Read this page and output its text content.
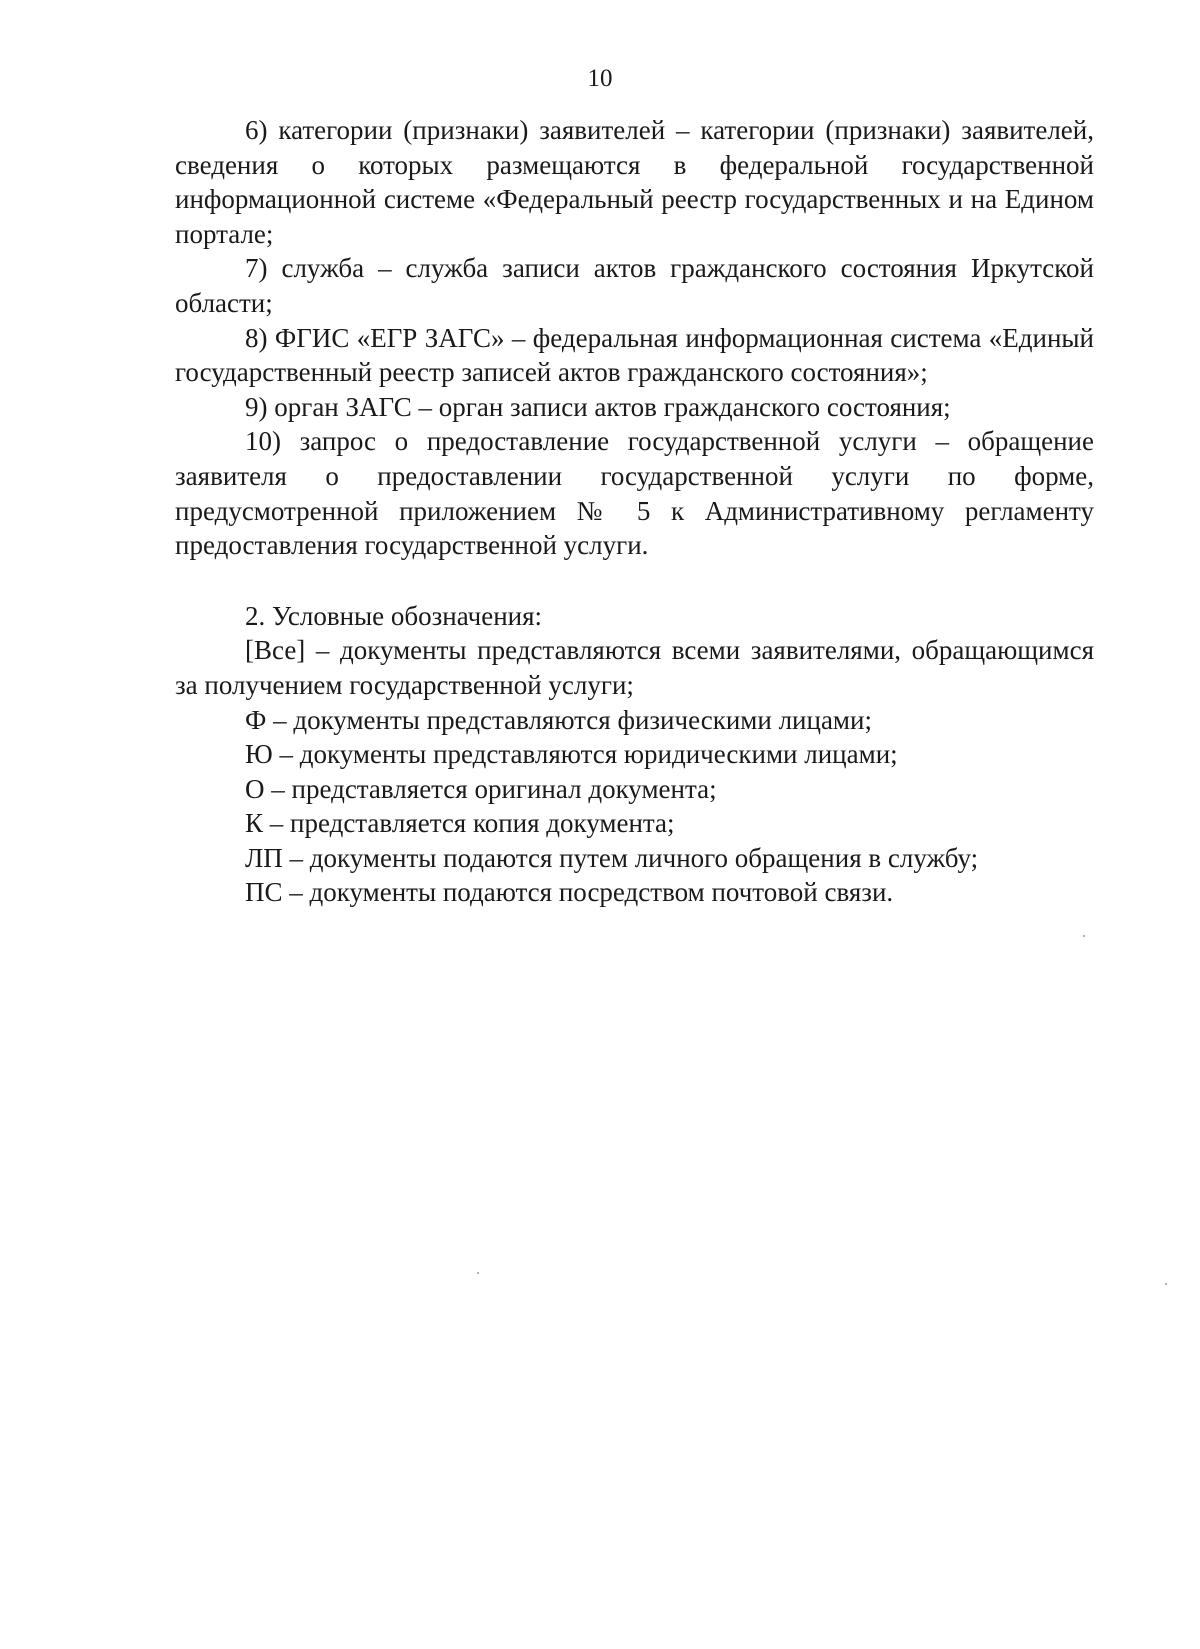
10

6) категории (признаки) заявителей – категории (признаки) заявителей, сведения о которых размещаются в федеральной государственной информационной системе «Федеральный реестр государственных и на Едином портале;

7) служба – служба записи актов гражданского состояния Иркутской области;

8) ФГИС «ЕГР ЗАГС» – федеральная информационная система «Единый государственный реестр записей актов гражданского состояния»;

9) орган ЗАГС – орган записи актов гражданского состояния;

10) запрос о предоставление государственной услуги – обращение заявителя о предоставлении государственной услуги по форме, предусмотренной приложением № 5 к Административному регламенту предоставления государственной услуги.

2. Условные обозначения:

[Все] – документы представляются всеми заявителями, обращающимся за получением государственной услуги;

Ф – документы представляются физическими лицами;

Ю – документы представляются юридическими лицами;

О – представляется оригинал документа;

К – представляется копия документа;

ЛП – документы подаются путем личного обращения в службу;

ПС – документы подаются посредством почтовой связи.
